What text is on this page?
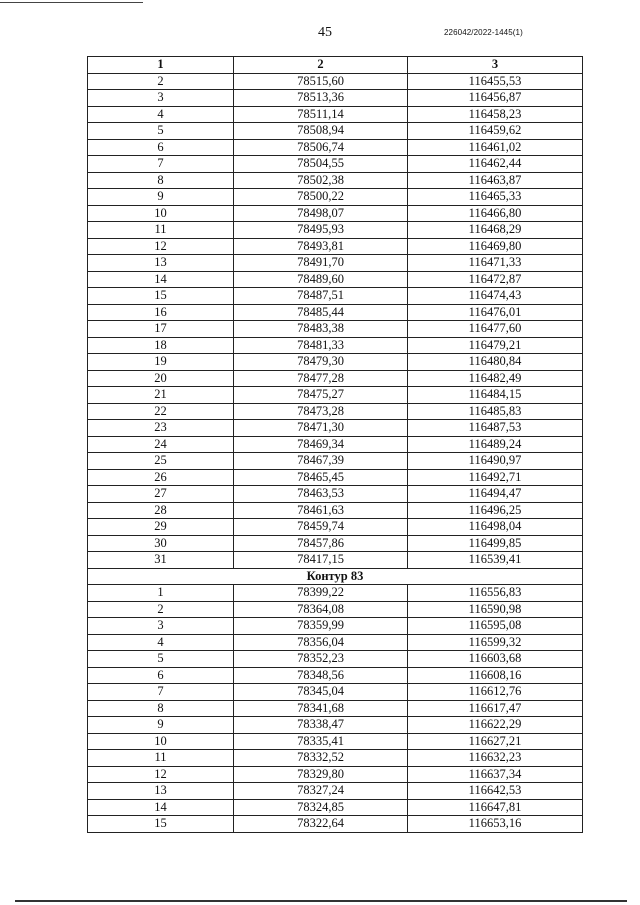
45	226042/2022-1445(1)
1	2	3
2	78515,60	116455,53
3	78513,36	116456,87
4	78511,14	116458,23
5	78508,94	116459,62
6	78506,74	116461,02
7	78504,55	116462,44
8	78502,38	116463,87
9	78500,22	116465,33
10	78498,07	116466,80
11	78495,93	116468,29
12	78493,81	116469,80
13	78491,70	116471,33
14	78489,60	116472,87
15	78487,51	116474,43
16	78485,44	116476,01
17	78483,38	116477,60
18	78481,33	116479,21
19	78479,30	116480,84
20	78477,28	116482,49
21	78475,27	116484,15
22	78473,28	116485,83
23	78471,30	116487,53
24	78469,34	116489,24
25	78467,39	116490,97
26	78465,45	116492,71
27	78463,53	116494,47
28	78461,63	116496,25
29	78459,74	116498,04
30	78457,86	116499,85
31	78417,15	116539,41
Контур 83		
1	78399,22	116556,83
2	78364,08	116590,98
3	78359,99	116595,08
4	78356,04	116599,32
5	78352,23	116603,68
6	78348,56	116608,16
7	78345,04	116612,76
8	78341,68	116617,47
9	78338,47	116622,29
10	78335,41	116627,21
11	78332,52	116632,23
12	78329,80	116637,34
13	78327,24	116642,53
14	78324,85	116647,81
15	78322,64	116653,16
